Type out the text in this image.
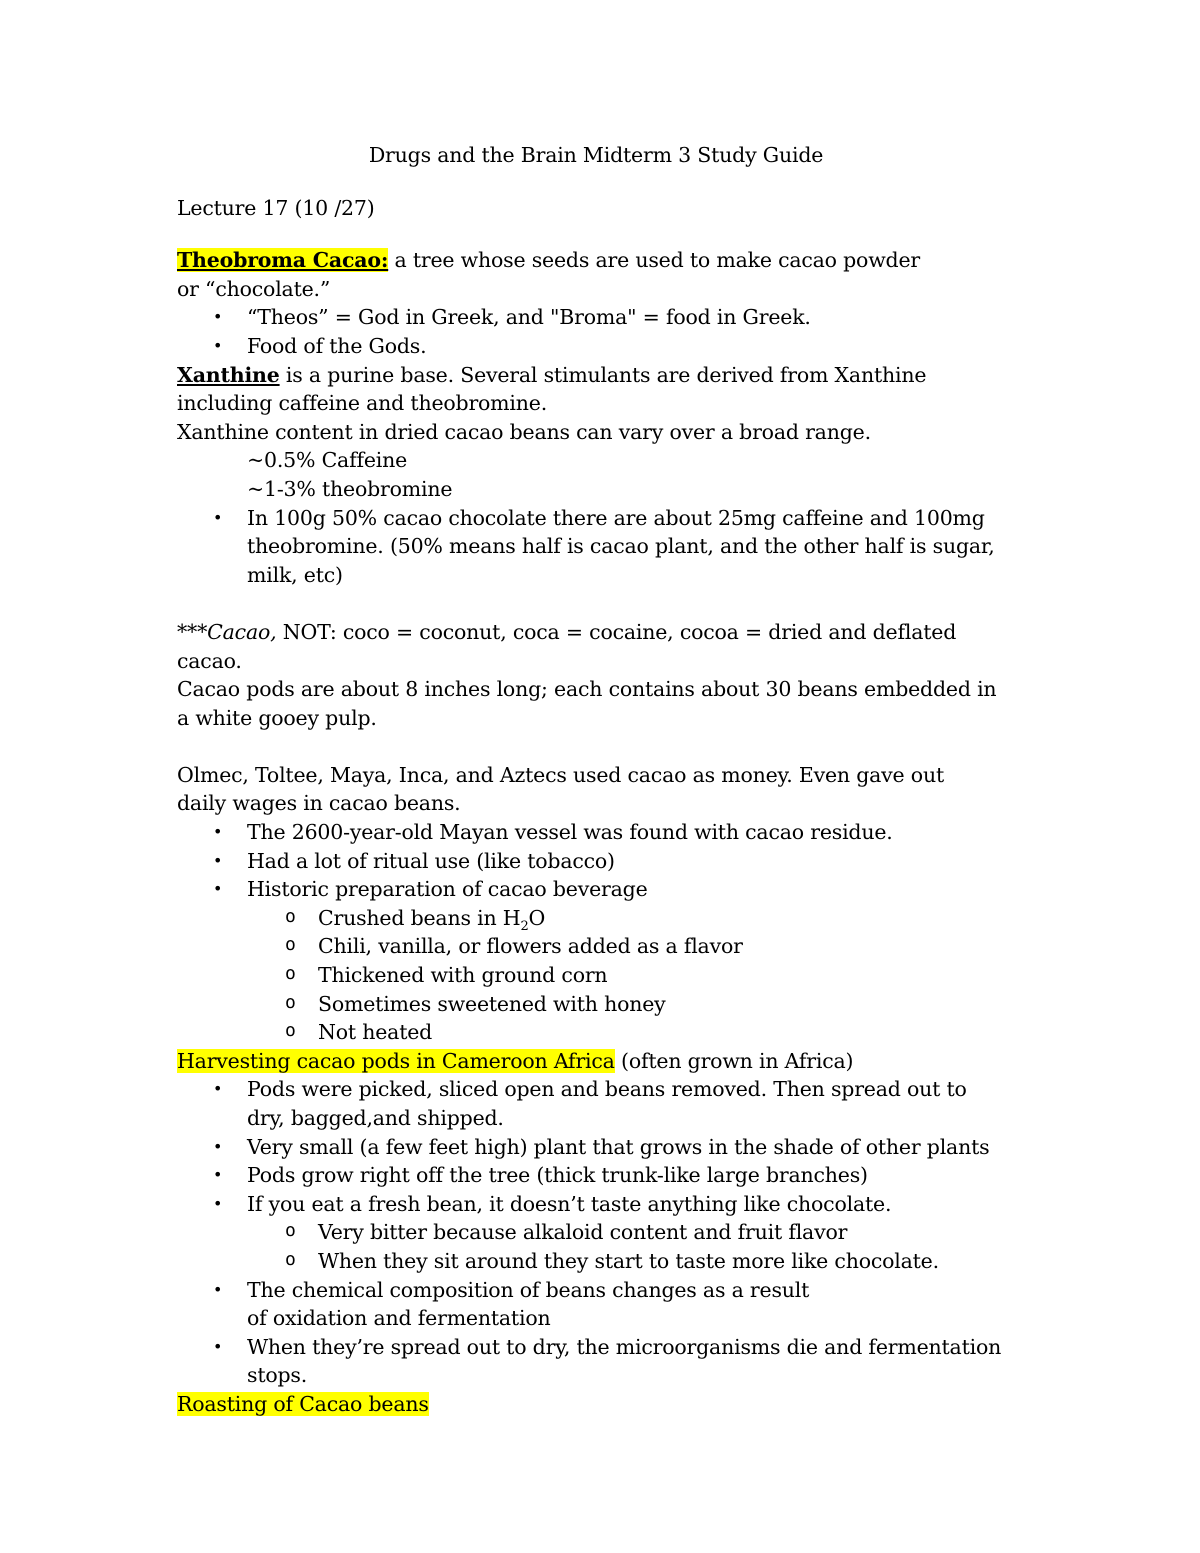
Drugs and the Brain Midterm 3 Study Guide

Lecture 17 (10 /27)

Theobroma Cacao: a tree whose seeds are used to make cacao powder or “chocolate.”

• “Theos” = God in Greek, and "Broma" = food in Greek.
• Food of the Gods.

Xanthine is a purine base. Several stimulants are derived from Xanthine including caffeine and theobromine.

Xanthine content in dried cacao beans can vary over a broad range.

~0.5% Caffeine

~1-3% theobromine

• In 100g 50% cacao chocolate there are about 25mg caffeine and 100mg theobromine. (50% means half is cacao plant, and the other half is sugar, milk, etc)

***Cacao, NOT: coco = coconut, coca = cocaine, cocoa = dried and deflated cacao.

Cacao pods are about 8 inches long; each contains about 30 beans embedded in a white gooey pulp.

Olmec, Toltee, Maya, Inca, and Aztecs used cacao as money. Even gave out daily wages in cacao beans.

• The 2600-year-old Mayan vessel was found with cacao residue.
• Had a lot of ritual use (like tobacco)
• Historic preparation of cacao beverage
o Crushed beans in $H_2O$
o Chili, vanilla, or flowers added as a flavor
o Thickened with ground corn
o Sometimes sweetened with honey
o Not heated

Harvesting cacao pods in Cameroon Africa (often grown in Africa)

• Pods were picked, sliced open and beans removed. Then spread out to dry, bagged,and shipped.
• Very small (a few feet high) plant that grows in the shade of other plants
• Pods grow right off the tree (thick trunk-like large branches)
• If you eat a fresh bean, it doesn’t taste anything like chocolate.
o Very bitter because alkaloid content and fruit flavor
o When they sit around they start to taste more like chocolate.
• The chemical composition of beans changes as a result of oxidation and fermentation
• When they’re spread out to dry, the microorganisms die and fermentation stops.

Roasting of Cacao beans
